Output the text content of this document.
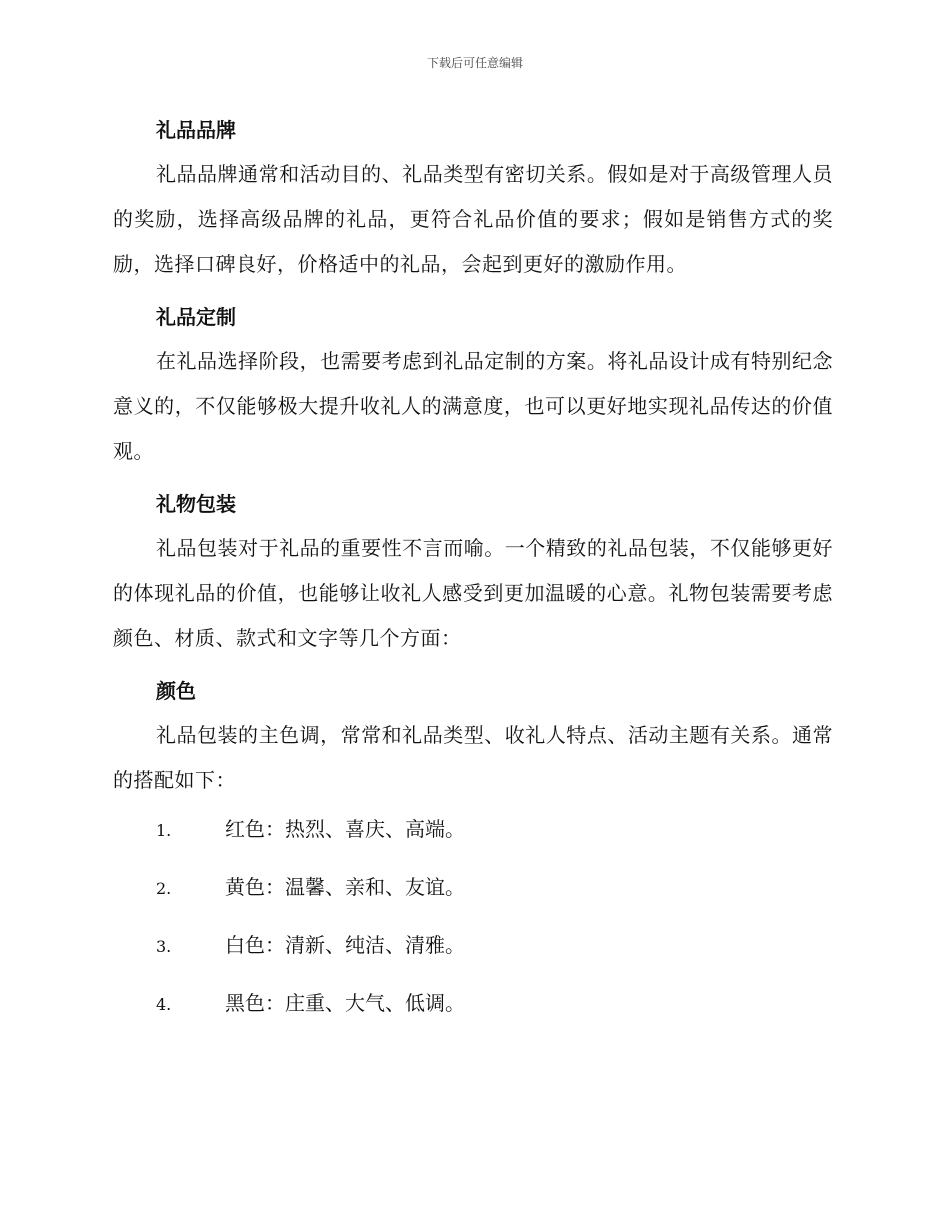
下载后可任意编辑
礼品品牌

礼品品牌通常和活动目的、礼品类型有密切关系。假如是对于高级管理人员的奖励，选择高级品牌的礼品，更符合礼品价值的要求；假如是销售方式的奖励，选择口碑良好，价格适中的礼品，会起到更好的激励作用。

礼品定制

在礼品选择阶段，也需要考虑到礼品定制的方案。将礼品设计成有特别纪念意义的，不仅能够极大提升收礼人的满意度，也可以更好地实现礼品传达的价值观。

礼物包装

礼品包装对于礼品的重要性不言而喻。一个精致的礼品包装，不仅能够更好的体现礼品的价值，也能够让收礼人感受到更加温暖的心意。礼物包装需要考虑颜色、材质、款式和文字等几个方面：

颜色

礼品包装的主色调，常常和礼品类型、收礼人特点、活动主题有关系。通常的搭配如下：

1.	红色：热烈、喜庆、高端。
2.	黄色：温馨、亲和、友谊。
3.	白色：清新、纯洁、清雅。
4.	黑色：庄重、大气、低调。
